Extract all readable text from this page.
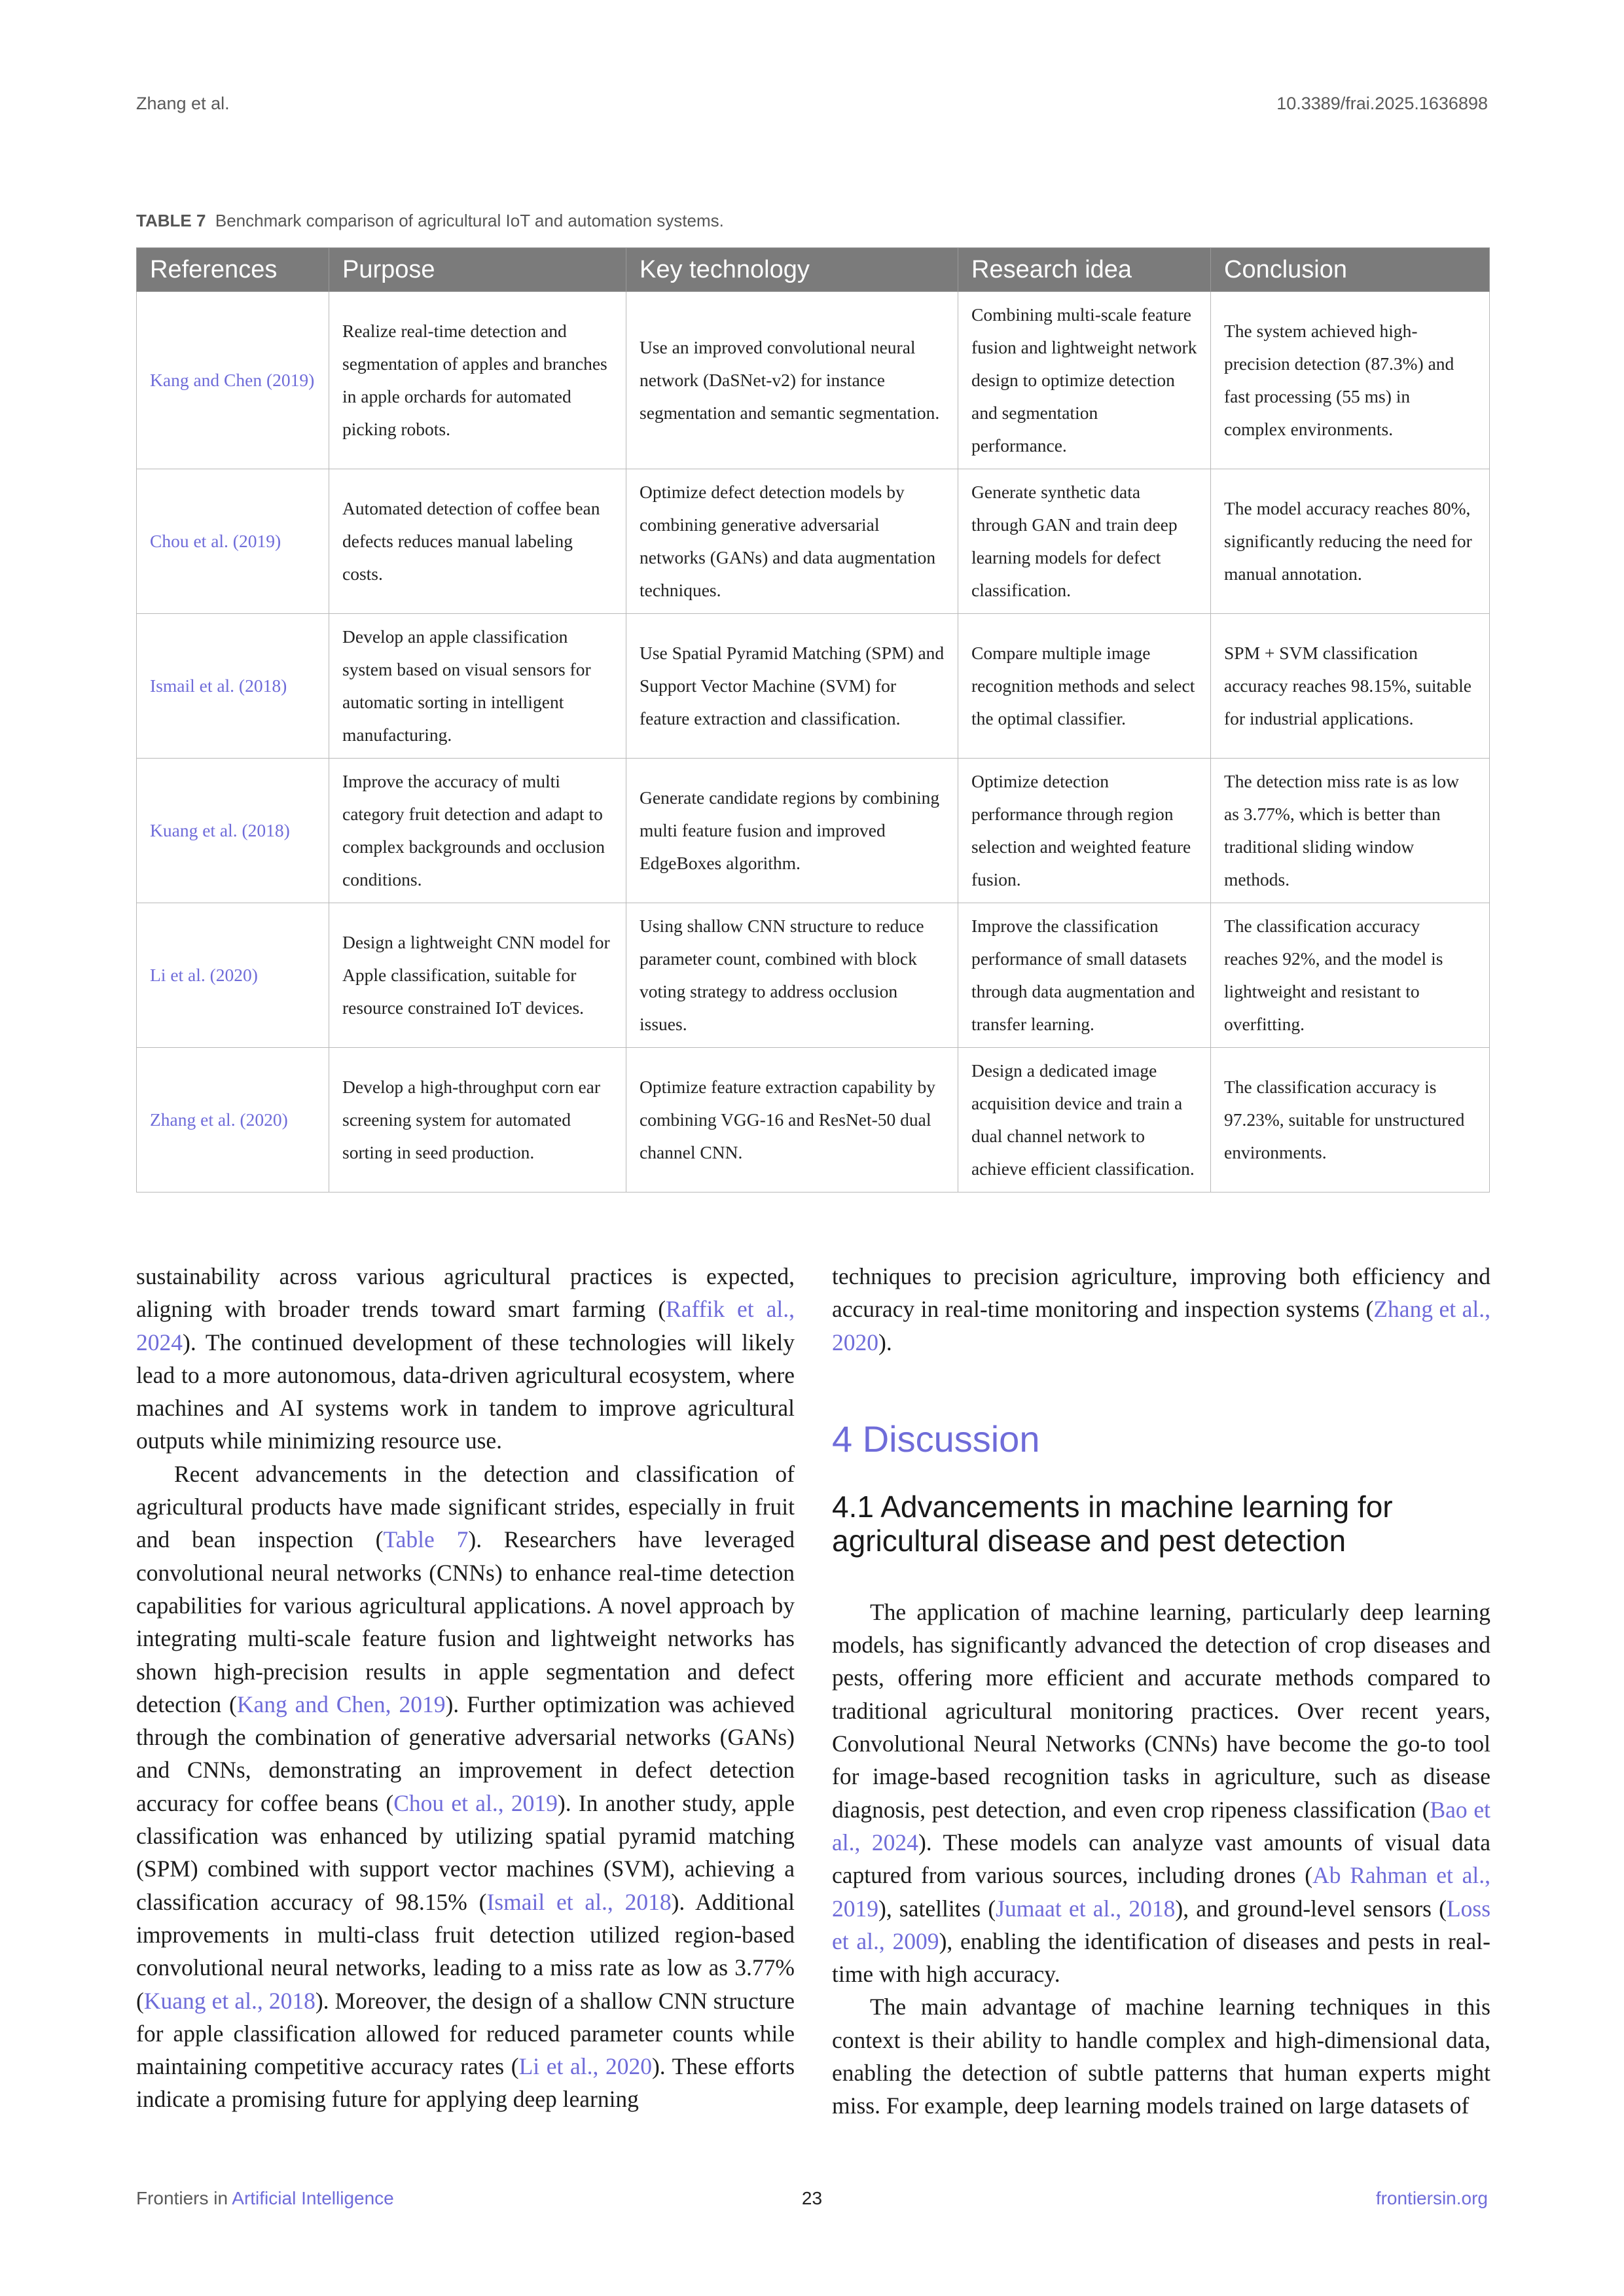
Zhang et al.	10.3389/frai.2025.1636898
TABLE 7 Benchmark comparison of agricultural IoT and automation systems.
References	Purpose	Key technology	Research idea	Conclusion
Kang and Chen (2019)	Realize real-time detection and segmentation of apples and branches in apple orchards for automated picking robots.	Use an improved convolutional neural network (DaSNet-v2) for instance segmentation and semantic segmentation.	Combining multi-scale feature fusion and lightweight network design to optimize detection and segmentation performance.	The system achieved high-precision detection (87.3%) and fast processing (55 ms) in complex environments.
Chou et al. (2019)	Automated detection of coffee bean defects reduces manual labeling costs.	Optimize defect detection models by combining generative adversarial networks (GANs) and data augmentation techniques.	Generate synthetic data through GAN and train deep learning models for defect classification.	The model accuracy reaches 80%, significantly reducing the need for manual annotation.
Ismail et al. (2018)	Develop an apple classification system based on visual sensors for automatic sorting in intelligent manufacturing.	Use Spatial Pyramid Matching (SPM) and Support Vector Machine (SVM) for feature extraction and classification.	Compare multiple image recognition methods and select the optimal classifier.	SPM + SVM classification accuracy reaches 98.15%, suitable for industrial applications.
Kuang et al. (2018)	Improve the accuracy of multi category fruit detection and adapt to complex backgrounds and occlusion conditions.	Generate candidate regions by combining multi feature fusion and improved EdgeBoxes algorithm.	Optimize detection performance through region selection and weighted feature fusion.	The detection miss rate is as low as 3.77%, which is better than traditional sliding window methods.
Li et al. (2020)	Design a lightweight CNN model for Apple classification, suitable for resource constrained IoT devices.	Using shallow CNN structure to reduce parameter count, combined with block voting strategy to address occlusion issues.	Improve the classification performance of small datasets through data augmentation and transfer learning.	The classification accuracy reaches 92%, and the model is lightweight and resistant to overfitting.
Zhang et al. (2020)	Develop a high-throughput corn ear screening system for automated sorting in seed production.	Optimize feature extraction capability by combining VGG-16 and ResNet-50 dual channel CNN.	Design a dedicated image acquisition device and train a dual channel network to achieve efficient classification.	The classification accuracy is 97.23%, suitable for unstructured environments.

sustainability across various agricultural practices is expected, aligning with broader trends toward smart farming (Raffik et al., 2024). The continued development of these technologies will likely lead to a more autonomous, data-driven agricultural ecosystem, where machines and AI systems work in tandem to improve agricultural outputs while minimizing resource use.

Recent advancements in the detection and classification of agricultural products have made significant strides, especially in fruit and bean inspection (Table 7). Researchers have leveraged convolutional neural networks (CNNs) to enhance real-time detection capabilities for various agricultural applications. A novel approach by integrating multi-scale feature fusion and lightweight networks has shown high-precision results in apple segmentation and defect detection (Kang and Chen, 2019). Further optimization was achieved through the combination of generative adversarial networks (GANs) and CNNs, demonstrating an improvement in defect detection accuracy for coffee beans (Chou et al., 2019). In another study, apple classification was enhanced by utilizing spatial pyramid matching (SPM) combined with support vector machines (SVM), achieving a classification accuracy of 98.15% (Ismail et al., 2018). Additional improvements in multi-class fruit detection utilized region-based convolutional neural networks, leading to a miss rate as low as 3.77% (Kuang et al., 2018). Moreover, the design of a shallow CNN structure for apple classification allowed for reduced parameter counts while maintaining competitive accuracy rates (Li et al., 2020). These efforts indicate a promising future for applying deep learning

techniques to precision agriculture, improving both efficiency and accuracy in real-time monitoring and inspection systems (Zhang et al., 2020).

4 Discussion
4.1 Advancements in machine learning for agricultural disease and pest detection

The application of machine learning, particularly deep learning models, has significantly advanced the detection of crop diseases and pests, offering more efficient and accurate methods compared to traditional agricultural monitoring practices. Over recent years, Convolutional Neural Networks (CNNs) have become the go-to tool for image-based recognition tasks in agriculture, such as disease diagnosis, pest detection, and even crop ripeness classification (Bao et al., 2024). These models can analyze vast amounts of visual data captured from various sources, including drones (Ab Rahman et al., 2019), satellites (Jumaat et al., 2018), and ground-level sensors (Loss et al., 2009), enabling the identification of diseases and pests in real-time with high accuracy.

The main advantage of machine learning techniques in this context is their ability to handle complex and high-dimensional data, enabling the detection of subtle patterns that human experts might miss. For example, deep learning models trained on large datasets of

Frontiers in Artificial Intelligence	23	frontiersin.org
